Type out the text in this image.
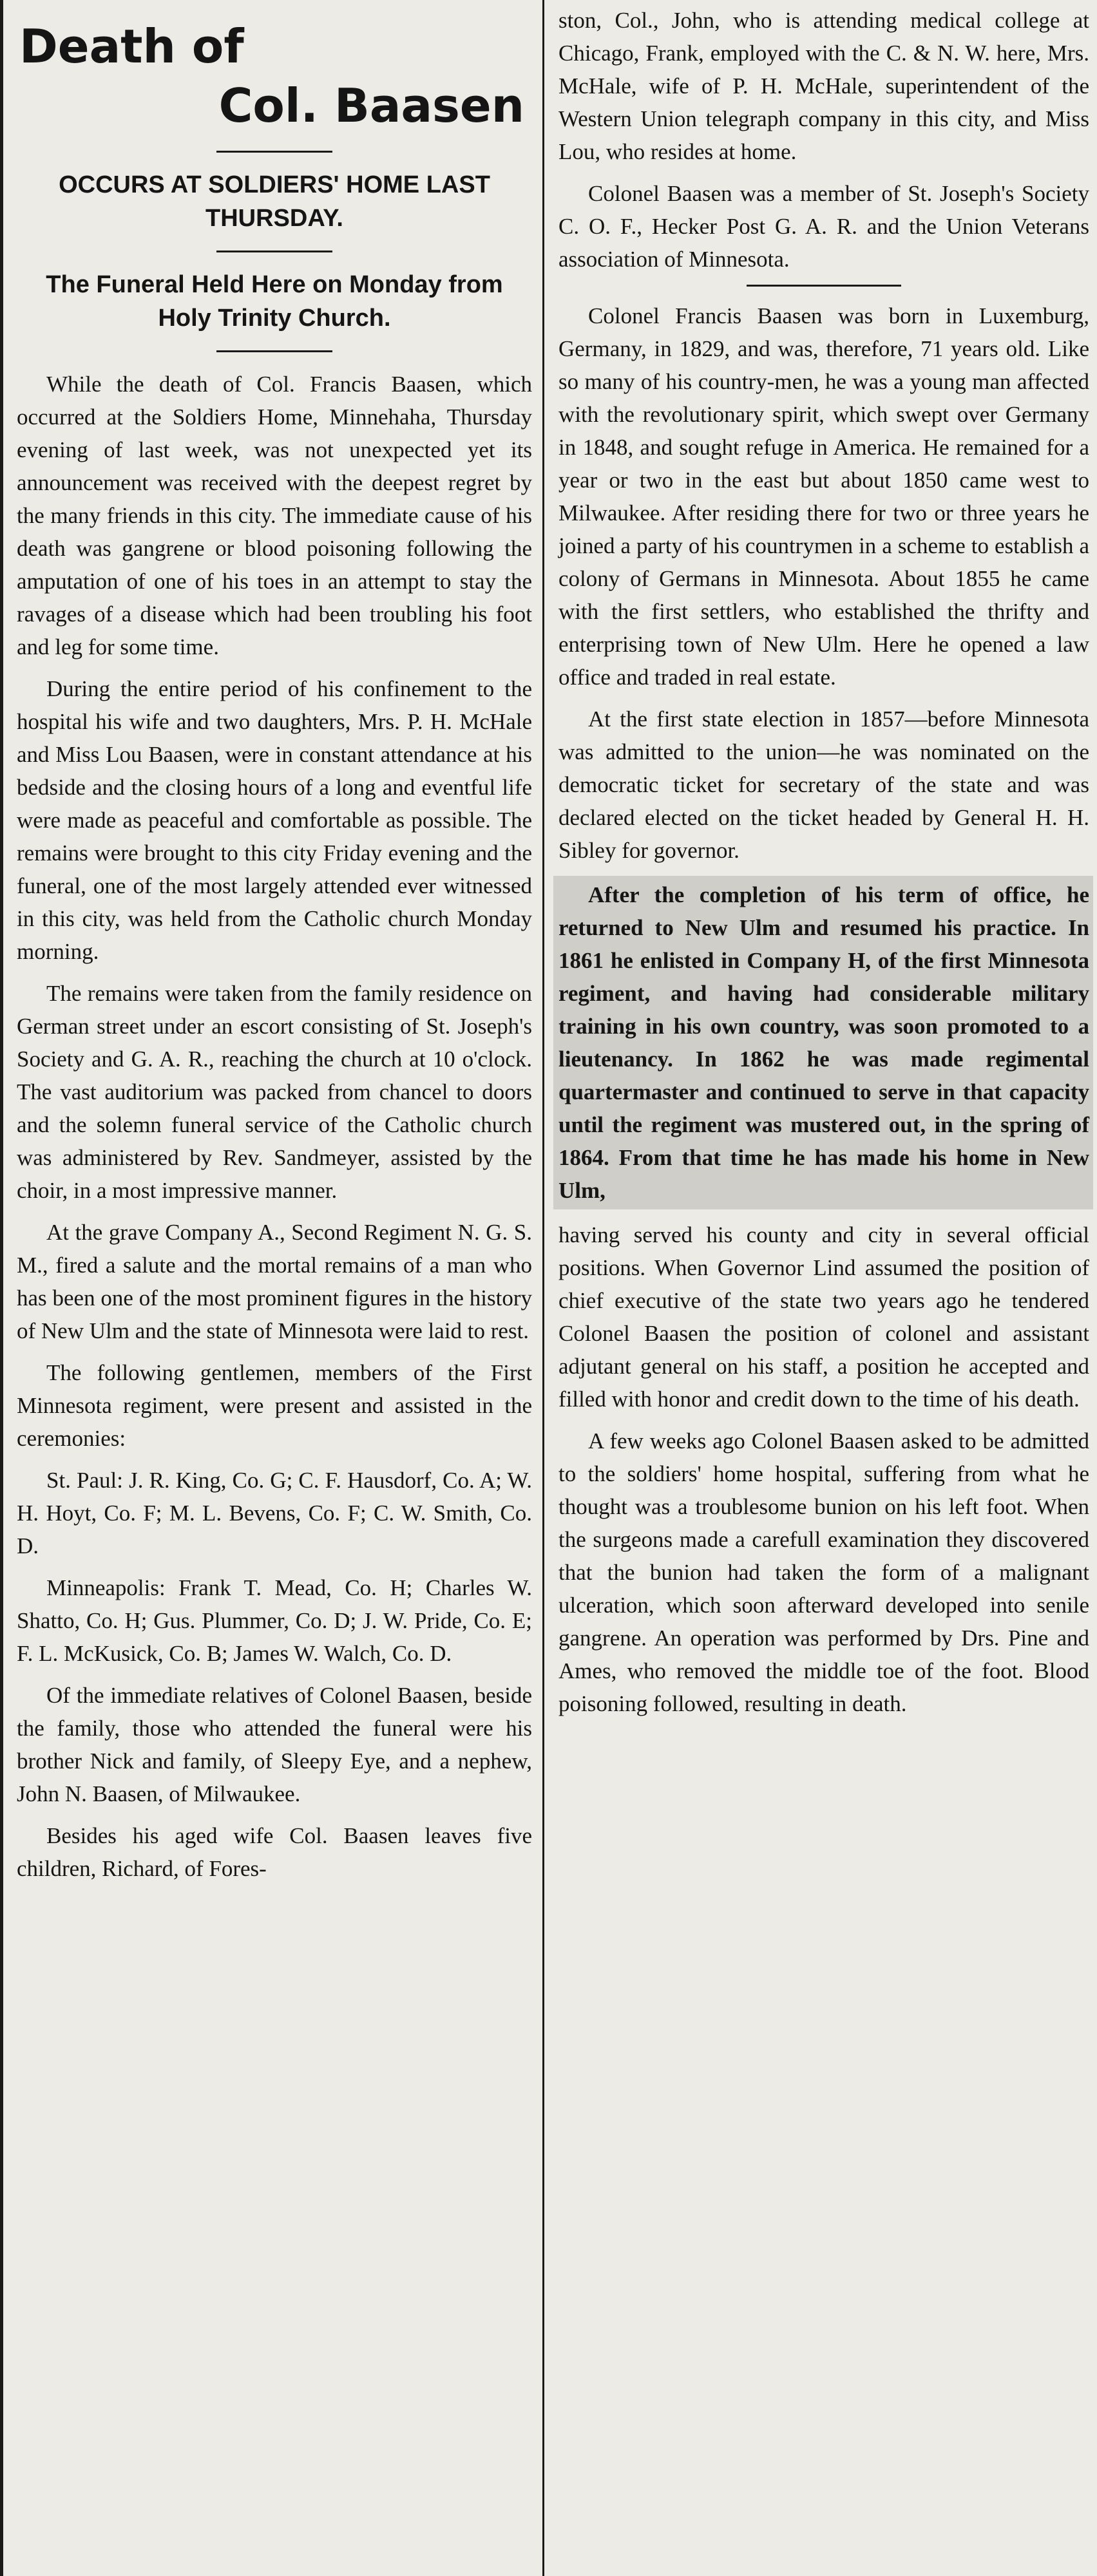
Death of
Col. Baasen
OCCURS AT SOLDIERS' HOME LAST THURSDAY.
The Funeral Held Here on Monday from Holy Trinity Church.

While the death of Col. Francis Baasen, which occurred at the Soldiers Home, Minnehaha, Thursday evening of last week, was not unexpected yet its announcement was received with the deepest regret by the many friends in this city. The immediate cause of his death was gangrene or blood poisoning following the amputation of one of his toes in an attempt to stay the ravages of a disease which had been troubling his foot and leg for some time.

During the entire period of his confinement to the hospital his wife and two daughters, Mrs. P. H. McHale and Miss Lou Baasen, were in constant attendance at his bedside and the closing hours of a long and eventful life were made as peaceful and comfortable as possible. The remains were brought to this city Friday evening and the funeral, one of the most largely attended ever witnessed in this city, was held from the Catholic church Monday morning.

The remains were taken from the family residence on German street under an escort consisting of St. Joseph's Society and G. A. R., reaching the church at 10 o'clock. The vast auditorium was packed from chancel to doors and the solemn funeral service of the Catholic church was administered by Rev. Sandmeyer, assisted by the choir, in a most impressive manner.

At the grave Company A., Second Regiment N. G. S. M., fired a salute and the mortal remains of a man who has been one of the most prominent figures in the history of New Ulm and the state of Minnesota were laid to rest.

The following gentlemen, members of the First Minnesota regiment, were present and assisted in the ceremonies:

St. Paul: J. R. King, Co. G; C. F. Hausdorf, Co. A; W. H. Hoyt, Co. F; M. L. Bevens, Co. F; C. W. Smith, Co. D.

Minneapolis: Frank T. Mead, Co. H; Charles W. Shatto, Co. H; Gus. Plummer, Co. D; J. W. Pride, Co. E; F. L. McKusick, Co. B; James W. Walch, Co. D.

Of the immediate relatives of Colonel Baasen, beside the family, those who attended the funeral were his brother Nick and family, of Sleepy Eye, and a nephew, John N. Baasen, of Milwaukee.

Besides his aged wife Col. Baasen leaves five children, Richard, of Fores-

ston, Col., John, who is attending medical college at Chicago, Frank, employed with the C. & N. W. here, Mrs. McHale, wife of P. H. McHale, superintendent of the Western Union telegraph company in this city, and Miss Lou, who resides at home.

Colonel Baasen was a member of St. Joseph's Society C. O. F., Hecker Post G. A. R. and the Union Veterans association of Minnesota.

Colonel Francis Baasen was born in Luxemburg, Germany, in 1829, and was, therefore, 71 years old. Like so many of his country-men, he was a young man affected with the revolutionary spirit, which swept over Germany in 1848, and sought refuge in America. He remained for a year or two in the east but about 1850 came west to Milwaukee. After residing there for two or three years he joined a party of his countrymen in a scheme to establish a colony of Germans in Minnesota. About 1855 he came with the first settlers, who established the thrifty and enterprising town of New Ulm. Here he opened a law office and traded in real estate.

At the first state election in 1857—before Minnesota was admitted to the union—he was nominated on the democratic ticket for secretary of the state and was declared elected on the ticket headed by General H. H. Sibley for governor.

After the completion of his term of office, he returned to New Ulm and resumed his practice. In 1861 he enlisted in Company H, of the first Minnesota regiment, and having had considerable military training in his own country, was soon promoted to a lieutenancy. In 1862 he was made regimental quartermaster and continued to serve in that capacity until the regiment was mustered out, in the spring of 1864. From that time he has made his home in New Ulm,

having served his county and city in several official positions. When Governor Lind assumed the position of chief executive of the state two years ago he tendered Colonel Baasen the position of colonel and assistant adjutant general on his staff, a position he accepted and filled with honor and credit down to the time of his death.

A few weeks ago Colonel Baasen asked to be admitted to the soldiers' home hospital, suffering from what he thought was a troublesome bunion on his left foot. When the surgeons made a carefull examination they discovered that the bunion had taken the form of a malignant ulceration, which soon afterward developed into senile gangrene. An operation was performed by Drs. Pine and Ames, who removed the middle toe of the foot. Blood poisoning followed, resulting in death.
